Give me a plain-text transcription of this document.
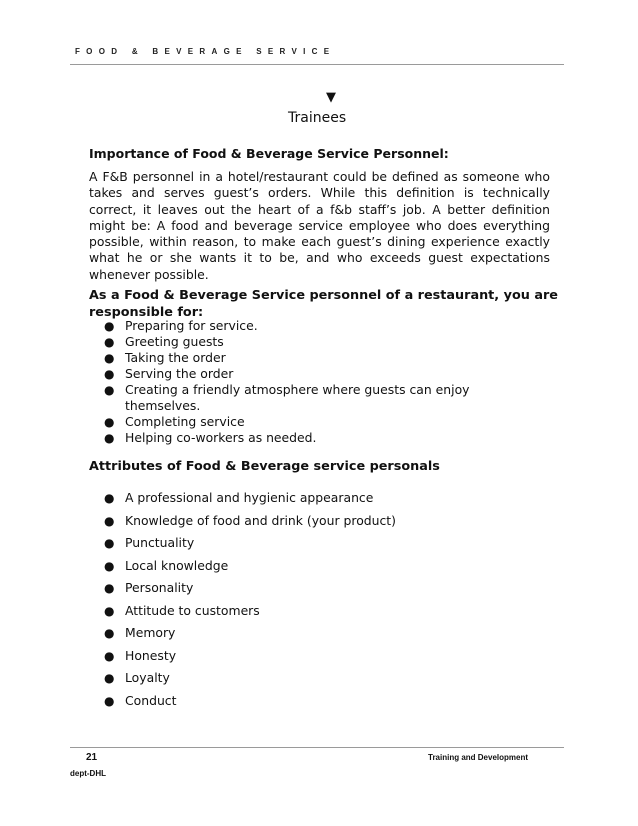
FOOD & BEVERAGE SERVICE
▼
Trainees
Importance of Food & Beverage Service Personnel:

A F&B personnel in a hotel/restaurant could be defined as someone who takes and serves guest’s orders. While this definition is technically correct, it leaves out the heart of a f&b staff’s job. A better definition might be: A food and beverage service employee who does everything possible, within reason, to make each guest’s dining experience exactly what he or she wants it to be, and who exceeds guest expectations whenever possible.

As a Food & Beverage Service personnel of a restaurant, you are responsible for:
● Preparing for service.
● Greeting guests
● Taking the order
● Serving the order
● Creating a friendly atmosphere where guests can enjoy themselves.
● Completing service
● Helping co-workers as needed.
Attributes of Food & Beverage service personals
● A professional and hygienic appearance
● Knowledge of food and drink (your product)
● Punctuality
● Local knowledge
● Personality
● Attitude to customers
● Memory
● Honesty
● Loyalty
● Conduct
21	Training and Development
dept-DHL
